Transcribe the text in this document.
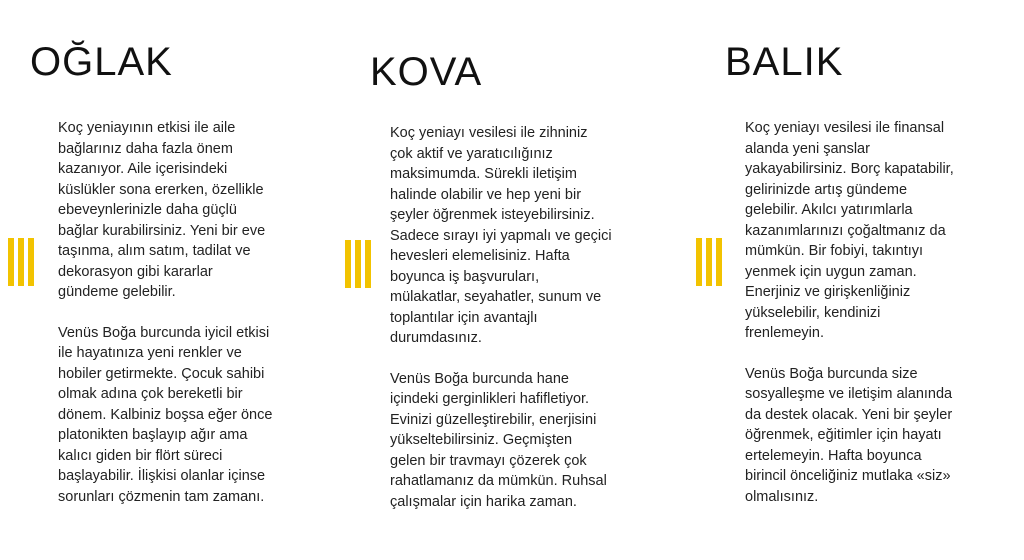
OĞLAK

Koç yeniayının etkisi ile aile
bağlarınız daha fazla önem
kazanıyor. Aile içerisindeki
küslükler sona ererken, özellikle
ebeveynlerinizle daha güçlü
bağlar kurabilirsiniz. Yeni bir eve
taşınma, alım satım, tadilat ve
dekorasyon gibi kararlar
gündeme gelebilir.

Venüs Boğa burcunda iyicil etkisi
ile hayatınıza yeni renkler ve
hobiler getirmekte. Çocuk sahibi
olmak adına çok bereketli bir
dönem. Kalbiniz boşsa eğer önce
platonikten başlayıp ağır ama
kalıcı giden bir flört süreci
başlayabilir. İlişkisi olanlar içinse
sorunları çözmenin tam zamanı.

KOVA

Koç yeniayı vesilesi ile zihniniz
çok aktif ve yaratıcılığınız
maksimumda. Sürekli iletişim
halinde olabilir ve hep yeni bir
şeyler öğrenmek isteyebilirsiniz.
Sadece sırayı iyi yapmalı ve geçici
hevesleri elemelisiniz. Hafta
boyunca iş başvuruları,
mülakatlar, seyahatler, sunum ve
toplantılar için avantajlı
durumdasınız.

Venüs Boğa burcunda hane
içindeki gerginlikleri hafifletiyor.
Evinizi güzelleştirebilir, enerjisini
yükseltebilirsiniz. Geçmişten
gelen bir travmayı çözerek çok
rahatlamanız da mümkün. Ruhsal
çalışmalar için harika zaman.

BALIK

Koç yeniayı vesilesi ile finansal
alanda yeni şanslar
yakayabilirsiniz. Borç kapatabilir,
gelirinizde artış gündeme
gelebilir. Akılcı yatırımlarla
kazanımlarınızı çoğaltmanız da
mümkün. Bir fobiyi, takıntıyı
yenmek için uygun zaman.
Enerjiniz ve girişkenliğiniz
yükselebilir, kendinizi
frenlemeyin.

Venüs Boğa burcunda size
sosyalleşme ve iletişim alanında
da destek olacak. Yeni bir şeyler
öğrenmek, eğitimler için hayatı
ertelemeyin. Hafta boyunca
birincil önceliğiniz mutlaka «siz»
olmalısınız.
